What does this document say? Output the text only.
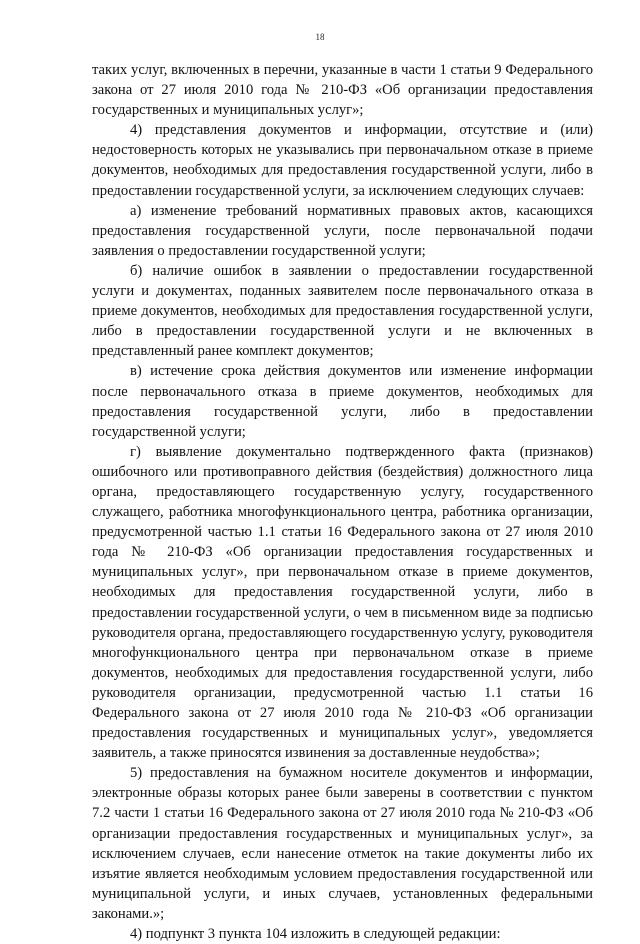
18

таких услуг, включенных в перечни, указанные в части 1 статьи 9 Федерального закона от 27 июля 2010 года № 210-ФЗ «Об организации предоставления государственных и муниципальных услуг»;

4) представления документов и информации, отсутствие и (или) недостоверность которых не указывались при первоначальном отказе в приеме документов, необходимых для предоставления государственной услуги, либо в предоставлении государственной услуги, за исключением следующих случаев:

а) изменение требований нормативных правовых актов, касающихся предоставления государственной услуги, после первоначальной подачи заявления о предоставлении государственной услуги;

б) наличие ошибок в заявлении о предоставлении государственной услуги и документах, поданных заявителем после первоначального отказа в приеме документов, необходимых для предоставления государственной услуги, либо в предоставлении государственной услуги и не включенных в представленный ранее комплект документов;

в) истечение срока действия документов или изменение информации после первоначального отказа в приеме документов, необходимых для предоставления государственной услуги, либо в предоставлении государственной услуги;

г) выявление документально подтвержденного факта (признаков) ошибочного или противоправного действия (бездействия) должностного лица органа, предоставляющего государственную услугу, государственного служащего, работника многофункционального центра, работника организации, предусмотренной частью 1.1 статьи 16 Федерального закона от 27 июля 2010 года № 210-ФЗ «Об организации предоставления государственных и муниципальных услуг», при первоначальном отказе в приеме документов, необходимых для предоставления государственной услуги, либо в предоставлении государственной услуги, о чем в письменном виде за подписью руководителя органа, предоставляющего государственную услугу, руководителя многофункционального центра при первоначальном отказе в приеме документов, необходимых для предоставления государственной услуги, либо руководителя организации, предусмотренной частью 1.1 статьи 16 Федерального закона от 27 июля 2010 года № 210-ФЗ «Об организации предоставления государственных и муниципальных услуг», уведомляется заявитель, а также приносятся извинения за доставленные неудобства»;

5) предоставления на бумажном носителе документов и информации, электронные образы которых ранее были заверены в соответствии с пунктом 7.2 части 1 статьи 16 Федерального закона от 27 июля 2010 года № 210-ФЗ «Об организации предоставления государственных и муниципальных услуг», за исключением случаев, если нанесение отметок на такие документы либо их изъятие является необходимым условием предоставления государственной или муниципальной услуги, и иных случаев, установленных федеральными законами.»;

4) подпункт 3 пункта 104 изложить в следующей редакции:
